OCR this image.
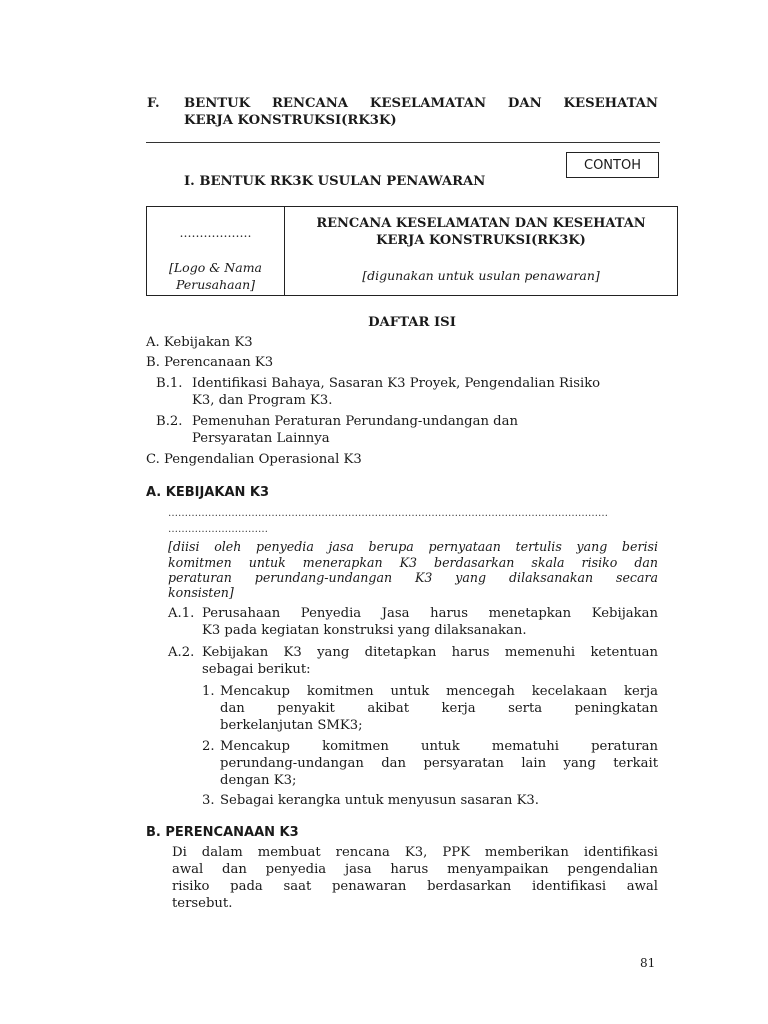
F. BENTUK RENCANA KESELAMATAN DAN KESEHATAN
KERJA KONSTRUKSI(RK3K)
CONTOH
I. BENTUK RK3K USULAN PENAWARAN
………………
[Logo & Nama
Perusahaan]
RENCANA KESELAMATAN DAN KESEHATAN
KERJA KONSTRUKSI(RK3K)
[digunakan untuk usulan penawaran]
DAFTAR ISI
A. Kebijakan K3
B. Perencanaan K3
B.1. Identifikasi Bahaya, Sasaran K3 Proyek, Pengendalian Risiko
K3, dan Program K3.
B.2. Pemenuhan Peraturan Perundang-undangan dan
Persyaratan Lainnya
C. Pengendalian Operasional K3
A. KEBIJAKAN K3
……………………………………………………………………………………………………………………
…………………………
[diisi oleh penyedia jasa berupa pernyataan tertulis yang berisi
komitmen untuk menerapkan K3 berdasarkan skala risiko dan
peraturan perundang-undangan K3 yang dilaksanakan secara
konsisten]
A.1. Perusahaan Penyedia Jasa harus menetapkan Kebijakan
K3 pada kegiatan konstruksi yang dilaksanakan.
A.2. Kebijakan K3 yang ditetapkan harus memenuhi ketentuan
sebagai berikut:
1. Mencakup komitmen untuk mencegah kecelakaan kerja
dan penyakit akibat kerja serta peningkatan
berkelanjutan SMK3;
2. Mencakup komitmen untuk mematuhi peraturan
perundang-undangan dan persyaratan lain yang terkait
dengan K3;
3. Sebagai kerangka untuk menyusun sasaran K3.
B. PERENCANAAN K3
Di dalam membuat rencana K3, PPK memberikan identifikasi
awal dan penyedia jasa harus menyampaikan pengendalian
risiko pada saat penawaran berdasarkan identifikasi awal
tersebut.
81
